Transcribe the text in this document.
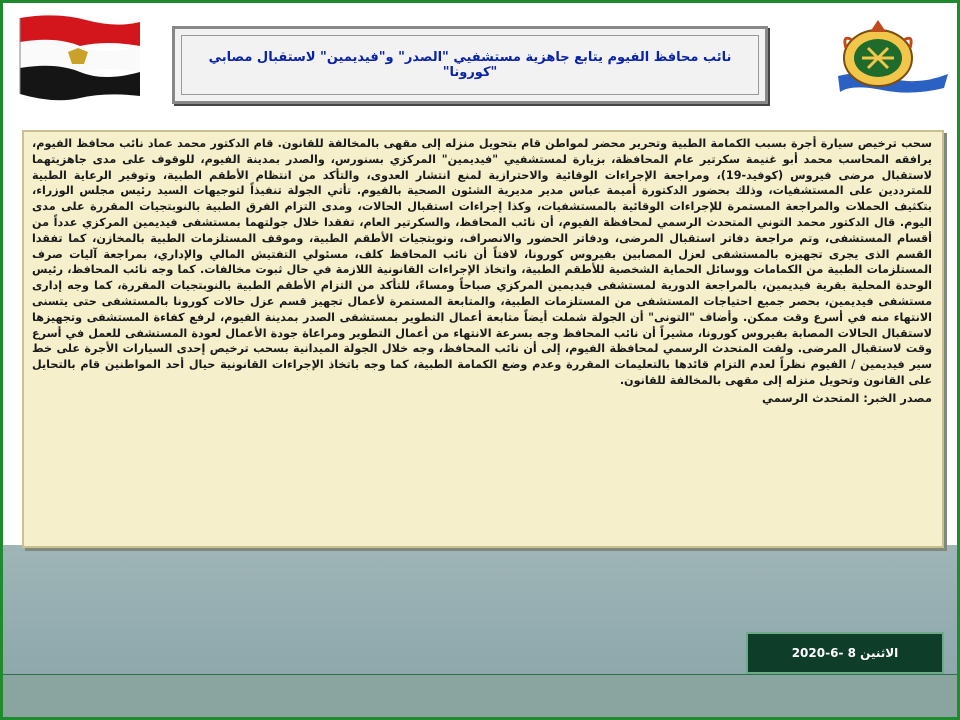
نائب محافظ الفيوم يتابع جاهزية مستشفيي "الصدر" و"فيديمين" لاستقبال مصابي "كورونا"

سحب ترخيص سيارة أجرة بسبب الكمامة الطبية وتحرير محضر لمواطن قام بتحويل منزله إلى مقهى بالمخالفة للقانون. قام الدكتور محمد عماد نائب محافظ الفيوم، يرافقه المحاسب محمد أبو غنيمة سكرتير عام المحافظة، بزيارة لمستشفيي "فيديمين" المركزي بسنورس، والصدر بمدينة الفيوم، للوقوف على مدى جاهزيتهما لاستقبال مرضى فيروس (كوفيد-19)، ومراجعة الإجراءات الوقائية والاحترازية لمنع انتشار العدوى، والتأكد من انتظام الأطقم الطبية، وتوفير الرعاية الطبية للمترددين على المستشفيات، وذلك بحضور الدكتورة أميمة عباس مدير مديرية الشئون الصحية بالفيوم. تأتي الجولة تنفيذاً لتوجيهات السيد رئيس مجلس الوزراء، بتكثيف الحملات والمراجعة المستمرة للإجراءات الوقائية بالمستشفيات، وكذا إجراءات استقبال الحالات، ومدى التزام الفرق الطبية بالنوبتجيات المقررة على مدى اليوم. قال الدكتور محمد التوني المتحدث الرسمي لمحافظة الفيوم، أن نائب المحافظ، والسكرتير العام، تفقدا خلال جولتهما بمستشفى فيديمين المركزي عدداً من أقسام المستشفى، وتم مراجعة دفاتر استقبال المرضى، ودفاتر الحضور والانصراف، ونوبتجيات الأطقم الطبية، وموقف المستلزمات الطبية بالمخازن، كما تفقدا القسم الذى يجرى تجهيزه بالمستشفى لعزل المصابين بفيروس كورونا، لافتاً أن نائب المحافظ كلف، مسئولي التفتيش المالي والإداري، بمراجعة آليات صرف المستلزمات الطبية من الكمامات ووسائل الحماية الشخصية للأطقم الطبية، واتخاذ الإجراءات القانونية اللازمة في حال ثبوت مخالفات. كما وجه نائب المحافظ، رئيس الوحدة المحلية بقرية فيديمين، بالمراجعة الدورية لمستشفى فيديمين المركزي صباحاً ومساءً، للتأكد من التزام الأطقم الطبية بالنوبتجيات المقررة، كما وجه إدارى مستشفى فيديمين، بحصر جميع احتياجات المستشفى من المستلزمات الطبية، والمتابعة المستمرة لأعمال تجهيز قسم عزل حالات كورونا بالمستشفى حتى يتسنى الانتهاء منه في أسرع وقت ممكن. وأضاف "التونى" أن الجولة شملت أيضاً متابعة أعمال التطوير بمستشفى الصدر بمدينة الفيوم، لرفع كفاءة المستشفى وتجهيزها لاستقبال الحالات المصابة بفيروس كورونا، مشيراً أن نائب المحافظ وجه بسرعة الانتهاء من أعمال التطوير ومراعاة جودة الأعمال لعودة المستشفى للعمل في أسرع وقت لاستقبال المرضى. ولفت المتحدث الرسمي لمحافظة الفيوم، إلى أن نائب المحافظ، وجه خلال الجولة الميدانية بسحب ترخيص إحدى السيارات الأجرة على خط سير فيديمين / الفيوم نظراً لعدم التزام قائدها بالتعليمات المقررة وعدم وضع الكمامة الطبية، كما وجه باتخاذ الإجراءات القانونية حيال أحد المواطنين قام بالتحايل على القانون وتحويل منزله إلى مقهى بالمخالفة للقانون.

مصدر الخبر: المتحدث الرسمي
الاثنين 8 -6-2020
